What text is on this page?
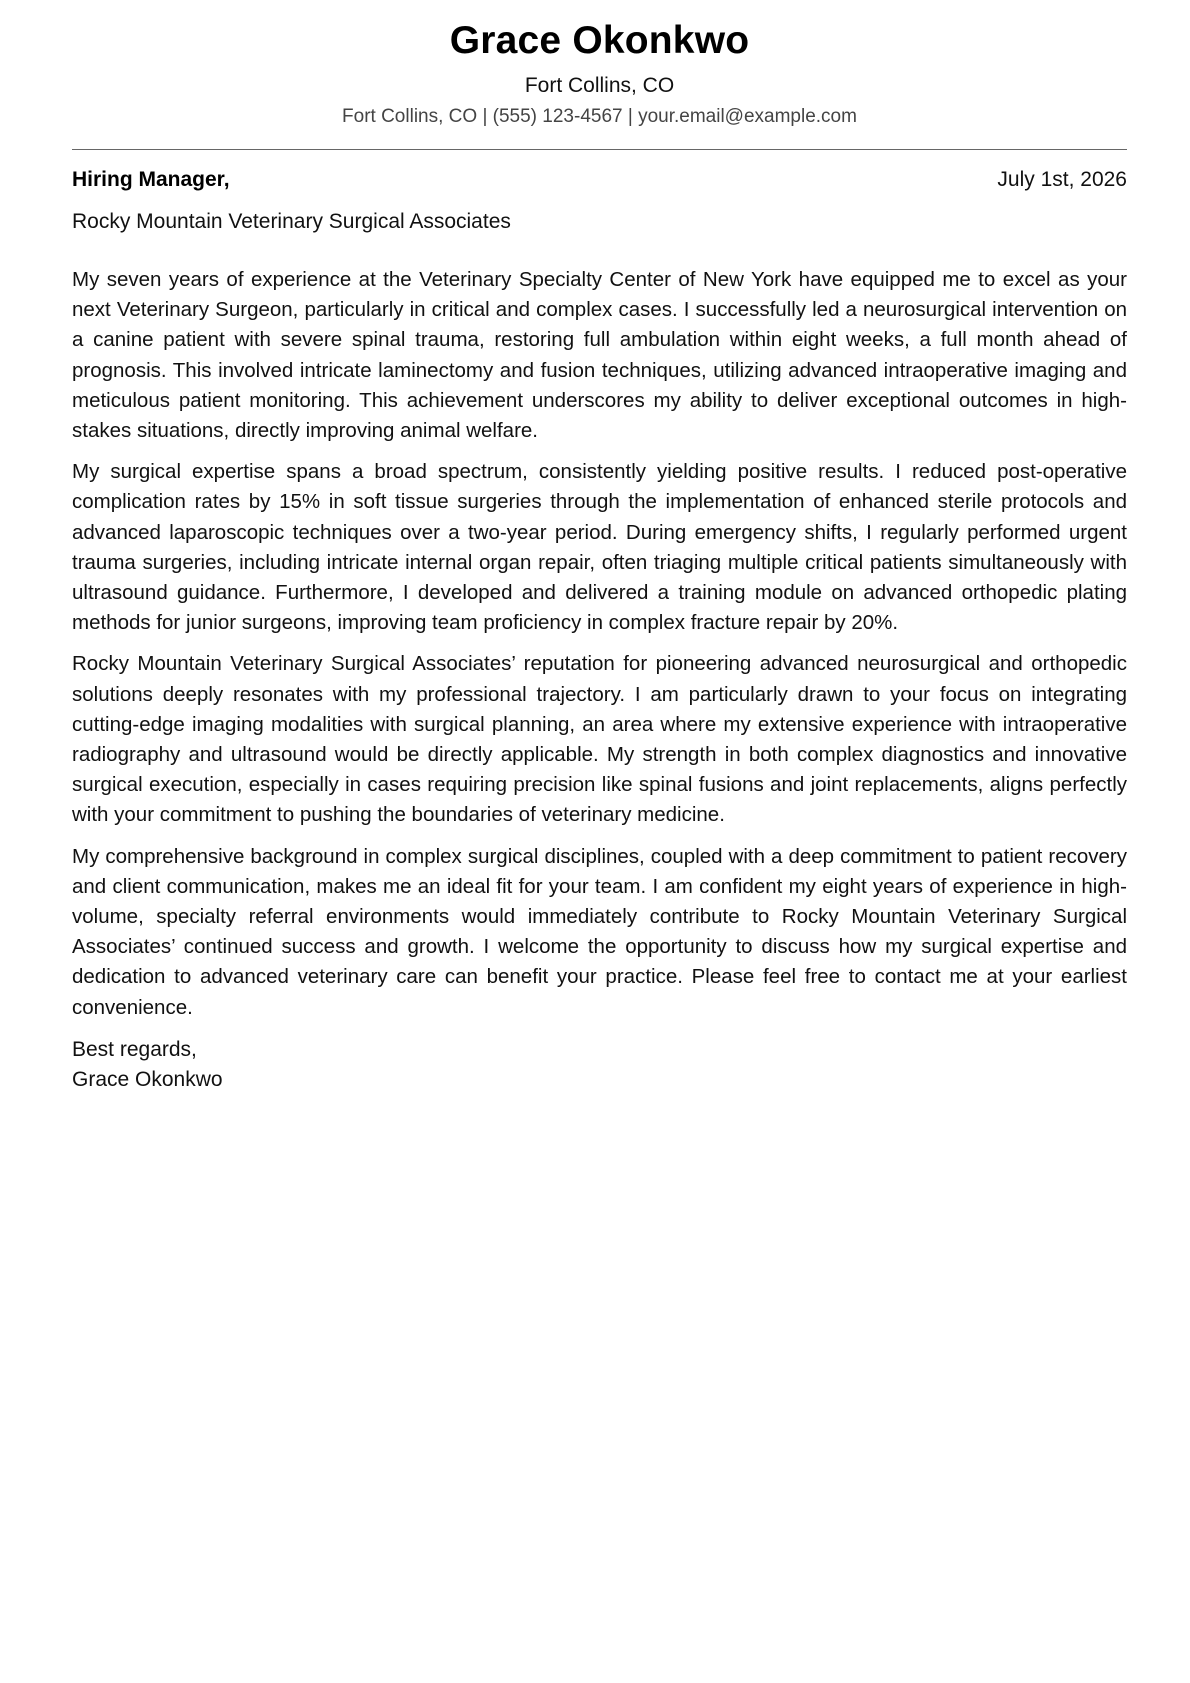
Grace Okonkwo
Fort Collins, CO
Fort Collins, CO | (555) 123-4567 | your.email@example.com
Hiring Manager,	July 1st, 2026
Rocky Mountain Veterinary Surgical Associates

My seven years of experience at the Veterinary Specialty Center of New York have equipped me to excel as your next Veterinary Surgeon, particularly in critical and complex cases. I successfully led a neurosurgical intervention on a canine patient with severe spinal trauma, restoring full ambulation within eight weeks, a full month ahead of prognosis. This involved intricate laminectomy and fusion techniques, utilizing advanced intraoperative imaging and meticulous patient monitoring. This achievement underscores my ability to deliver exceptional outcomes in high-stakes situations, directly improving animal welfare.

My surgical expertise spans a broad spectrum, consistently yielding positive results. I reduced post-operative complication rates by 15% in soft tissue surgeries through the implementation of enhanced sterile protocols and advanced laparoscopic techniques over a two-year period. During emergency shifts, I regularly performed urgent trauma surgeries, including intricate internal organ repair, often triaging multiple critical patients simultaneously with ultrasound guidance. Furthermore, I developed and delivered a training module on advanced orthopedic plating methods for junior surgeons, improving team proficiency in complex fracture repair by 20%.

Rocky Mountain Veterinary Surgical Associates’ reputation for pioneering advanced neurosurgical and orthopedic solutions deeply resonates with my professional trajectory. I am particularly drawn to your focus on integrating cutting-edge imaging modalities with surgical planning, an area where my extensive experience with intraoperative radiography and ultrasound would be directly applicable. My strength in both complex diagnostics and innovative surgical execution, especially in cases requiring precision like spinal fusions and joint replacements, aligns perfectly with your commitment to pushing the boundaries of veterinary medicine.

My comprehensive background in complex surgical disciplines, coupled with a deep commitment to patient recovery and client communication, makes me an ideal fit for your team. I am confident my eight years of experience in high-volume, specialty referral environments would immediately contribute to Rocky Mountain Veterinary Surgical Associates’ continued success and growth. I welcome the opportunity to discuss how my surgical expertise and dedication to advanced veterinary care can benefit your practice. Please feel free to contact me at your earliest convenience.

Best regards,
Grace Okonkwo
